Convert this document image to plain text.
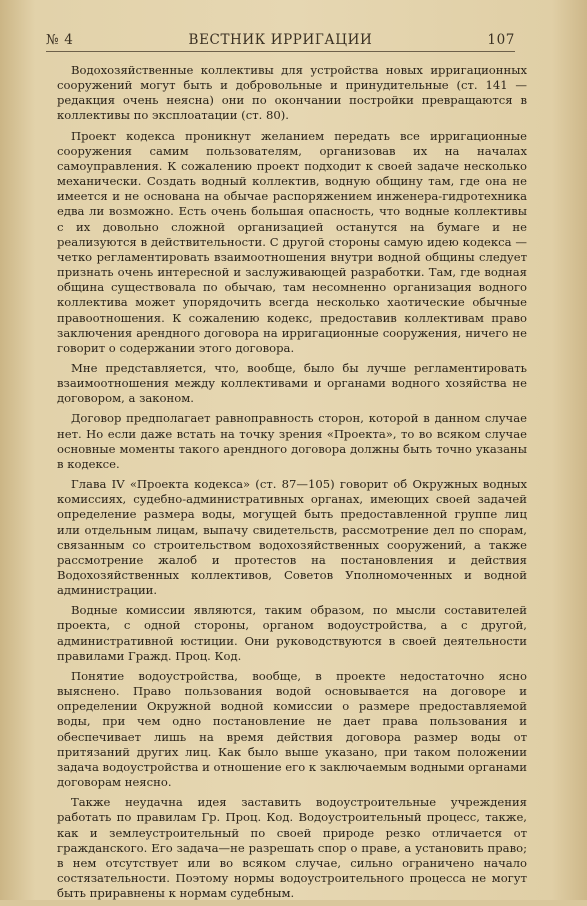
№ 4	ВЕСТНИК ИРРИГАЦИИ	107

Водохозяйственные коллективы для устройства новых ирригационных сооружений могут быть и добровольные и принудительные (ст. 141 —редакция очень неясна) они по окончании постройки превращаются в коллективы по эксплоатации (ст. 80).

Проект кодекса проникнут желанием передать все ирригационные сооружения самим пользователям, организовав их на началах самоуправления. К сожалению проект подходит к своей задаче несколько механически. Создать водный коллектив, водную общину там, где она не имеется и не основана на обычае распоряжением инженера-гидротехника едва ли возможно. Есть очень большая опасность, что водные коллективы с их довольно сложной организацией останутся на бумаге и не реализуются в действительности. С другой стороны самую идею кодекса —четко регламентировать взаимоотношения внутри водной общины следует признать очень интересной и заслуживающей разработки. Там, где водная община существовала по обычаю, там несомненно организация водного коллектива может упорядочить всегда несколько хаотические обычные правоотношения. К сожалению кодекс, предоставив коллективам право заключения арендного договора на ирригационные сооружения, ничего не говорит о содержании этого договора.

Мне представляется, что, вообще, было бы лучше регламентировать взаимоотношения между коллективами и органами водного хозяйства не договором, а законом.

Договор предполагает равноправность сторон, которой в данном случае нет. Но если даже встать на точку зрения «Проекта», то во всяком случае основные моменты такого арендного договора должны быть точно указаны в кодексе.

Глава IV «Проекта кодекса» (ст. 87—105) говорит об Окружных водных комиссиях, судебно-административных органах, имеющих своей задачей определение размера воды, могущей быть предоставленной группе лиц или отдельным лицам, выпачу свидетельств, рассмотрение дел по спорам, связанным со строительством водохозяйственных сооружений, а также рассмотрение жалоб и протестов на постановления и действия Водохозяйственных коллективов, Советов Уполномоченных и водной администрации.

Водные комиссии являются, таким образом, по мысли составителей проекта, с одной стороны, органом водоустройства, а с другой, административной юстиции. Они руководствуются в своей деятельности правилами Гражд. Проц. Код.

Понятие водоустройства, вообще, в проекте недостаточно ясно выяснено. Право пользования водой основывается на договоре и определении Окружной водной комиссии о размере предоставляемой воды, при чем одно постановление не дает права пользования и обеспечивает лишь на время действия договора размер воды от притязаний других лиц. Как было выше указано, при таком положении задача водоустройства и отношение его к заключаемым водными органами договорам неясно.

Также неудачна идея заставить водоустроительные учреждения работать по правилам Гр. Проц. Код. Водоустроительный процесс, также, как и землеустроительный по своей природе резко отличается от гражданского. Его задача—не разрешать спор о праве, а установить право; в нем отсутствует или во всяком случае, сильно ограничено начало состязательности. Поэтому нормы водоустроительного процесса не могут быть приравнены к нормам судебным.
